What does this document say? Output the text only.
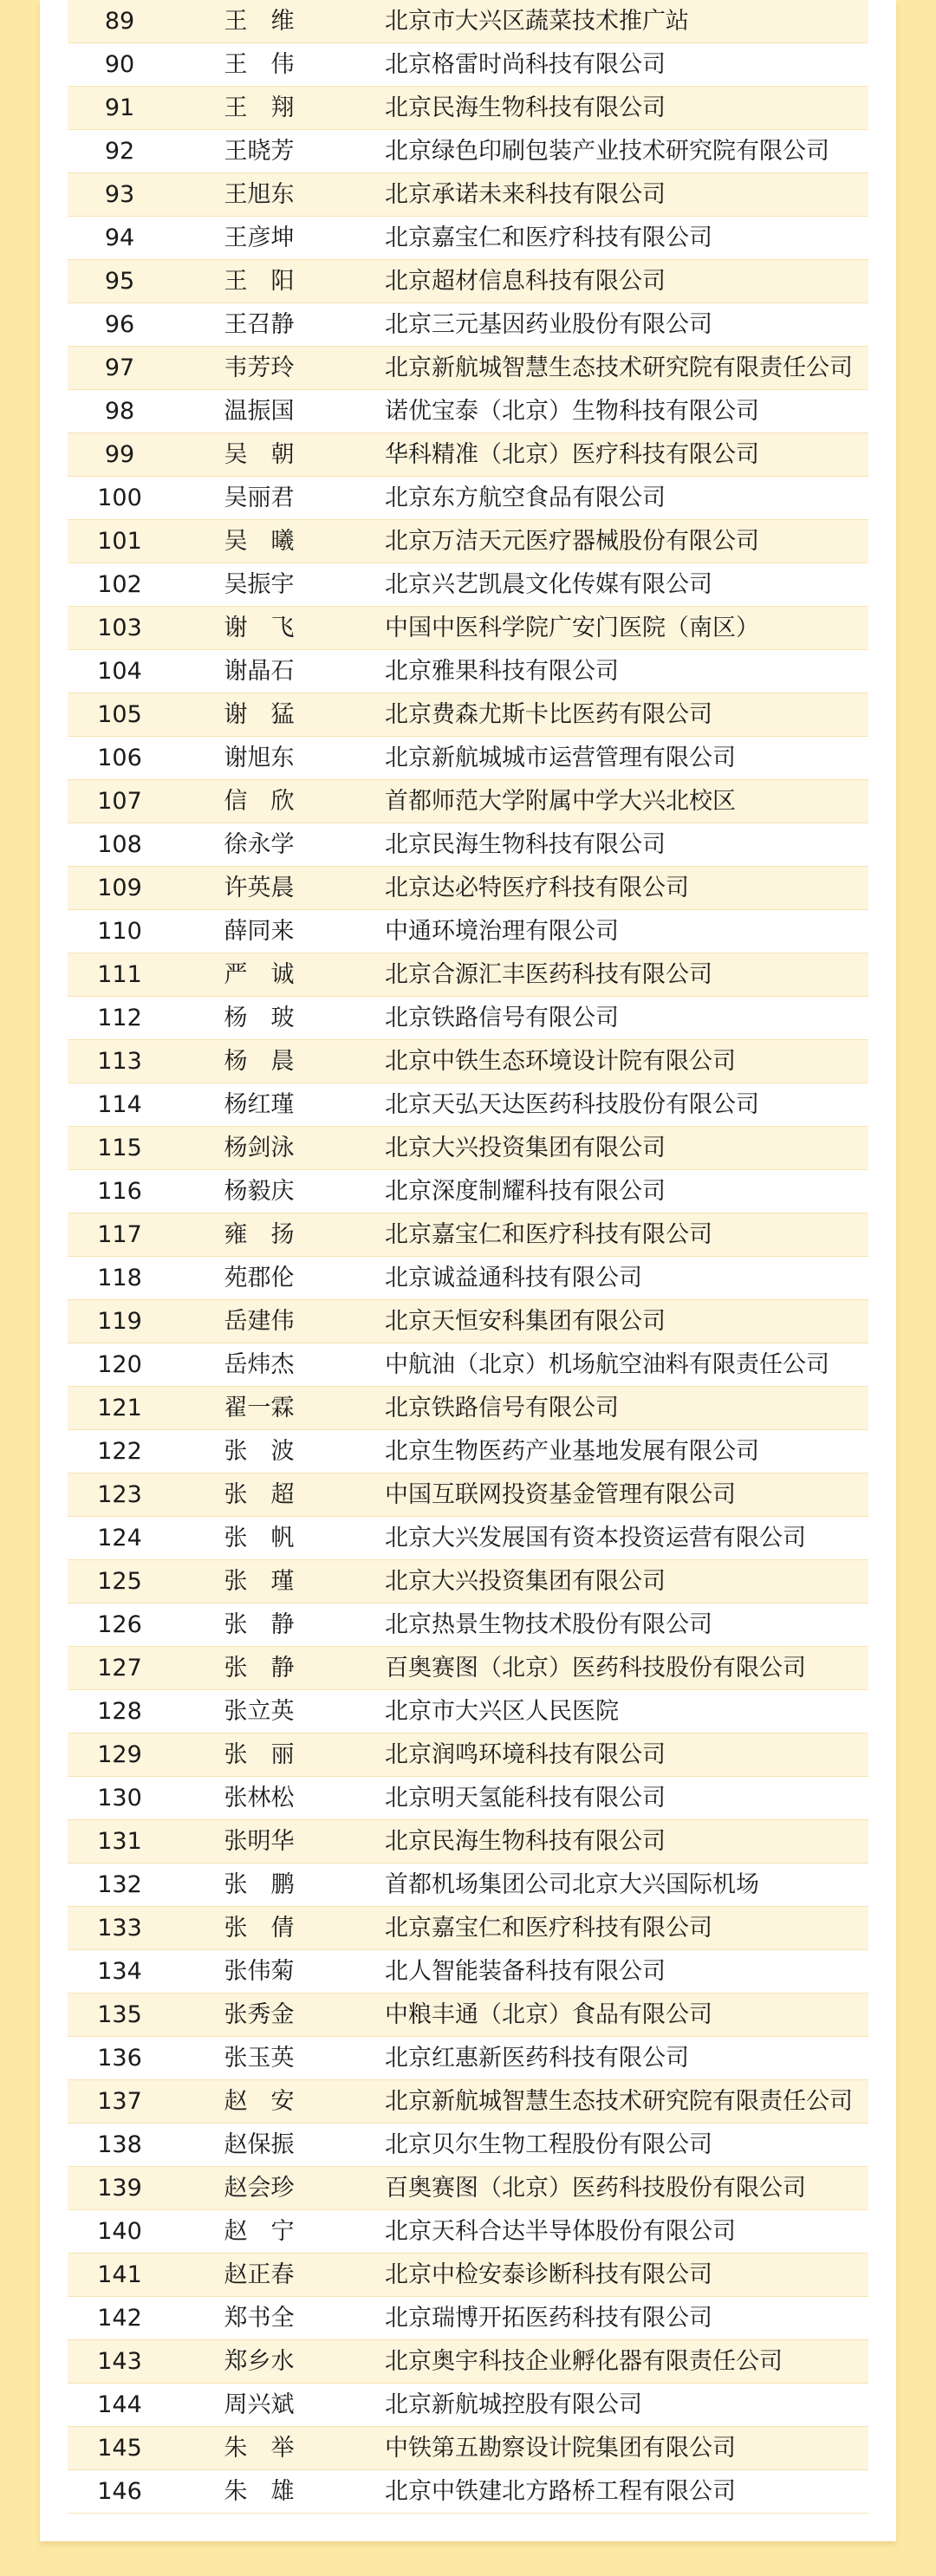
89	王　维	北京市大兴区蔬菜技术推广站
90	王　伟	北京格雷时尚科技有限公司
91	王　翔	北京民海生物科技有限公司
92	王晓芳	北京绿色印刷包装产业技术研究院有限公司
93	王旭东	北京承诺未来科技有限公司
94	王彦坤	北京嘉宝仁和医疗科技有限公司
95	王　阳	北京超材信息科技有限公司
96	王召静	北京三元基因药业股份有限公司
97	韦芳玲	北京新航城智慧生态技术研究院有限责任公司
98	温振国	诺优宝泰（北京）生物科技有限公司
99	吴　朝	华科精准（北京）医疗科技有限公司
100	吴丽君	北京东方航空食品有限公司
101	吴　曦	北京万洁天元医疗器械股份有限公司
102	吴振宇	北京兴艺凯晨文化传媒有限公司
103	谢　飞	中国中医科学院广安门医院（南区）
104	谢晶石	北京雅果科技有限公司
105	谢　猛	北京费森尤斯卡比医药有限公司
106	谢旭东	北京新航城城市运营管理有限公司
107	信　欣	首都师范大学附属中学大兴北校区
108	徐永学	北京民海生物科技有限公司
109	许英晨	北京达必特医疗科技有限公司
110	薛同来	中通环境治理有限公司
111	严　诚	北京合源汇丰医药科技有限公司
112	杨　玻	北京铁路信号有限公司
113	杨　晨	北京中铁生态环境设计院有限公司
114	杨红瑾	北京天弘天达医药科技股份有限公司
115	杨剑泳	北京大兴投资集团有限公司
116	杨毅庆	北京深度制耀科技有限公司
117	雍　扬	北京嘉宝仁和医疗科技有限公司
118	苑郡伦	北京诚益通科技有限公司
119	岳建伟	北京天恒安科集团有限公司
120	岳炜杰	中航油（北京）机场航空油料有限责任公司
121	翟一霖	北京铁路信号有限公司
122	张　波	北京生物医药产业基地发展有限公司
123	张　超	中国互联网投资基金管理有限公司
124	张　帆	北京大兴发展国有资本投资运营有限公司
125	张　瑾	北京大兴投资集团有限公司
126	张　静	北京热景生物技术股份有限公司
127	张　静	百奥赛图（北京）医药科技股份有限公司
128	张立英	北京市大兴区人民医院
129	张　丽	北京润鸣环境科技有限公司
130	张林松	北京明天氢能科技有限公司
131	张明华	北京民海生物科技有限公司
132	张　鹏	首都机场集团公司北京大兴国际机场
133	张　倩	北京嘉宝仁和医疗科技有限公司
134	张伟菊	北人智能装备科技有限公司
135	张秀金	中粮丰通（北京）食品有限公司
136	张玉英	北京红惠新医药科技有限公司
137	赵　安	北京新航城智慧生态技术研究院有限责任公司
138	赵保振	北京贝尔生物工程股份有限公司
139	赵会珍	百奥赛图（北京）医药科技股份有限公司
140	赵　宁	北京天科合达半导体股份有限公司
141	赵正春	北京中检安泰诊断科技有限公司
142	郑书全	北京瑞博开拓医药科技有限公司
143	郑乡水	北京奥宇科技企业孵化器有限责任公司
144	周兴斌	北京新航城控股有限公司
145	朱　举	中铁第五勘察设计院集团有限公司
146	朱　雄	北京中铁建北方路桥工程有限公司
